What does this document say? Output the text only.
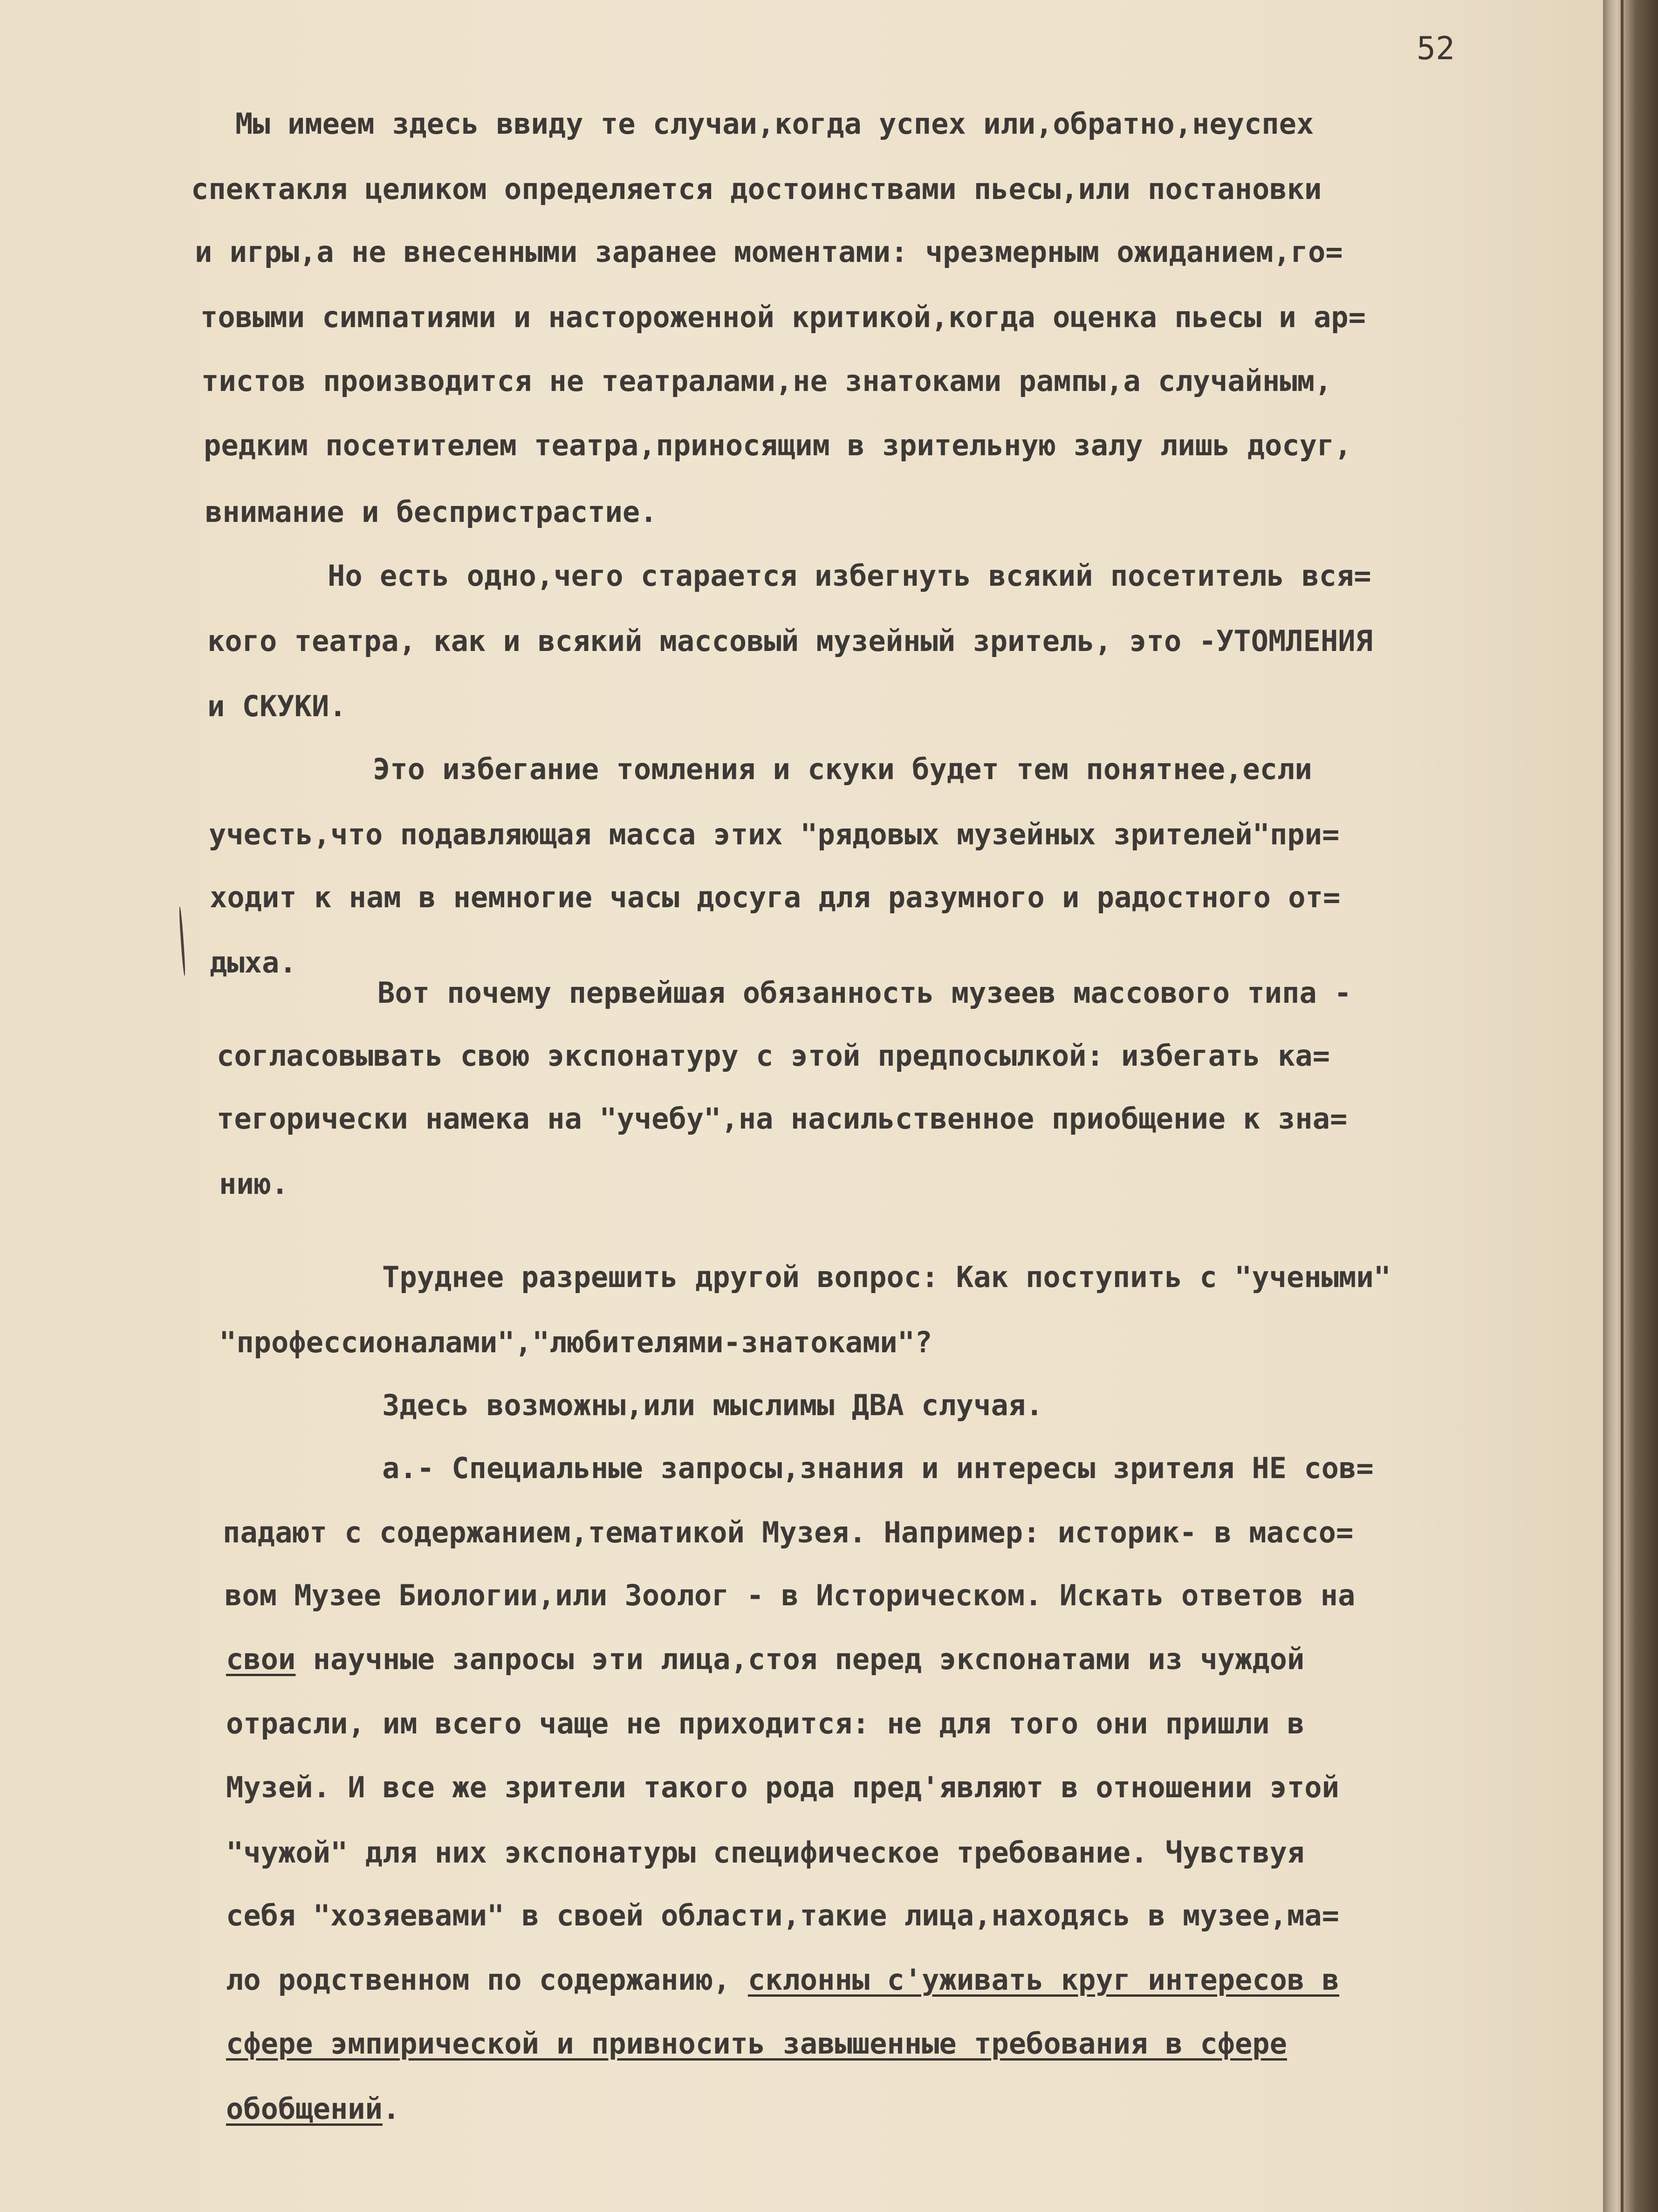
52
Мы имеем здесь ввиду те случаи,когда успех или,обратно,неуспех
спектакля целиком определяется достоинствами пьесы,или постановки
и игры,а не внесенными заранее моментами: чрезмерным ожиданием,го=
товыми симпатиями и настороженной критикой,когда оценка пьесы и ар=
тистов производится не театралами,не знатоками рампы,а случайным,
редким посетителем театра,приносящим в зрительную залу лишь досуг,
внимание и беспристрастие.
Но есть одно,чего старается избегнуть всякий посетитель вся=
кого театра, как и всякий массовый музейный зритель, это -УТОМЛЕНИЯ
и СКУКИ.
Это избегание томления и скуки будет тем понятнее,если
учесть,что подавляющая масса этих "рядовых музейных зрителей"при=
ходит к нам в немногие часы досуга для разумного и радостного от=
дыха.
Вот почему первейшая обязанность музеев массового типа -
согласовывать свою экспонатуру с этой предпосылкой: избегать ка=
тегорически намека на "учебу",на насильственное приобщение к зна=
нию.
Труднее разрешить другой вопрос: Как поступить с "учеными"
"профессионалами","любителями-знатоками"?
Здесь возможны,или мыслимы ДВА случая.
а.- Специальные запросы,знания и интересы зрителя НЕ сов=
падают с содержанием,тематикой Музея. Например: историк- в массо=
вом Музее Биологии,или Зоолог - в Историческом. Искать ответов на
свои научные запросы эти лица,стоя перед экспонатами из чуждой
отрасли, им всего чаще не приходится: не для того они пришли в
Музей. И все же зрители такого рода пред'являют в отношении этой
"чужой" для них экспонатуры специфическое требование. Чувствуя
себя "хозяевами" в своей области,такие лица,находясь в музее,ма=
ло родственном по содержанию, склонны с'уживать круг интересов в
сфере эмпирической и привносить завышенные требования в сфере
обобщений.
